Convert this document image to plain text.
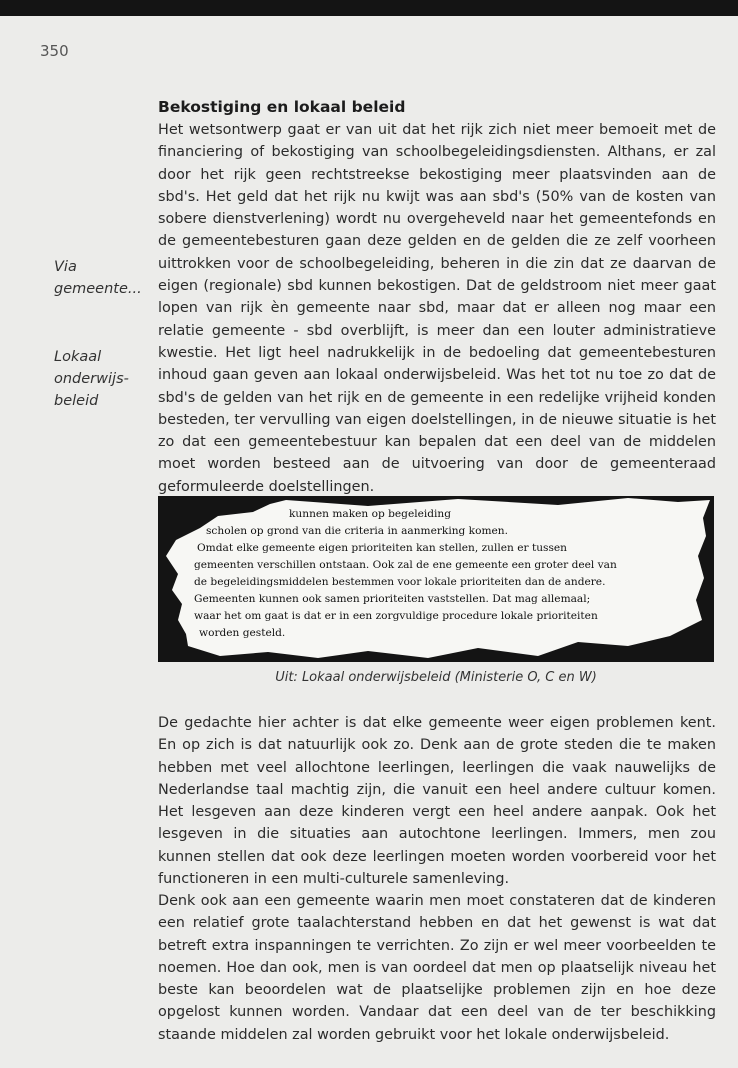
350
Via
gemeente...
Lokaal
onderwijs-
beleid
Bekostiging en lokaal beleid

Het wetsontwerp gaat er van uit dat het rijk zich niet meer bemoeit met de financiering of bekostiging van schoolbegeleidingsdiensten. Althans, er zal door het rijk geen rechtstreekse bekostiging meer plaatsvinden aan de sbd's. Het geld dat het rijk nu kwijt was aan sbd's (50% van de kosten van sobere dienstverlening) wordt nu overgeheveld naar het gemeentefonds en de gemeentebesturen gaan deze gelden en de gelden die ze zelf voorheen uittrokken voor de schoolbegeleiding, beheren in die zin dat ze daarvan de eigen (regionale) sbd kunnen bekostigen. Dat de geldstroom niet meer gaat lopen van rijk èn gemeente naar sbd, maar dat er alleen nog maar een relatie gemeente - sbd overblijft, is meer dan een louter administratieve kwestie. Het ligt heel nadrukkelijk in de bedoeling dat gemeentebesturen inhoud gaan geven aan lokaal onderwijsbeleid. Was het tot nu toe zo dat de sbd's de gelden van het rijk en de gemeente in een redelijke vrijheid konden besteden, ter vervulling van eigen doelstellingen, in de nieuwe situatie is het zo dat een gemeentebestuur kan bepalen dat een deel van de middelen moet worden besteed aan de uitvoering van door de gemeenteraad geformuleerde doelstellingen.

kunnen maken op begeleiding
scholen op grond van die criteria in aanmerking komen.
Omdat elke gemeente eigen prioriteiten kan stellen, zullen er tussen
gemeenten verschillen ontstaan. Ook zal de ene gemeente een groter deel van
de begeleidingsmiddelen bestemmen voor lokale prioriteiten dan de andere.
Gemeenten kunnen ook samen prioriteiten vaststellen. Dat mag allemaal;
waar het om gaat is dat er in een zorgvuldige procedure lokale prioriteiten
worden gesteld.
Uit: Lokaal onderwijsbeleid (Ministerie O, C en W)

De gedachte hier achter is dat elke gemeente weer eigen problemen kent. En op zich is dat natuurlijk ook zo. Denk aan de grote steden die te maken hebben met veel allochtone leerlingen, leerlingen die vaak nauwelijks de Nederlandse taal machtig zijn, die vanuit een heel andere cultuur komen. Het lesgeven aan deze kinderen vergt een heel andere aanpak. Ook het lesgeven in die situaties aan autochtone leerlingen. Immers, men zou kunnen stellen dat ook deze leerlingen moeten worden voorbereid voor het functioneren in een multi-culturele samenleving.

Denk ook aan een gemeente waarin men moet constateren dat de kinderen een relatief grote taalachterstand hebben en dat het gewenst is wat dat betreft extra inspanningen te verrichten. Zo zijn er wel meer voorbeelden te noemen. Hoe dan ook, men is van oordeel dat men op plaatselijk niveau het beste kan beoordelen wat de plaatselijke problemen zijn en hoe deze opgelost kunnen worden. Vandaar dat een deel van de ter beschikking staande middelen zal worden gebruikt voor het lokale onderwijsbeleid.
